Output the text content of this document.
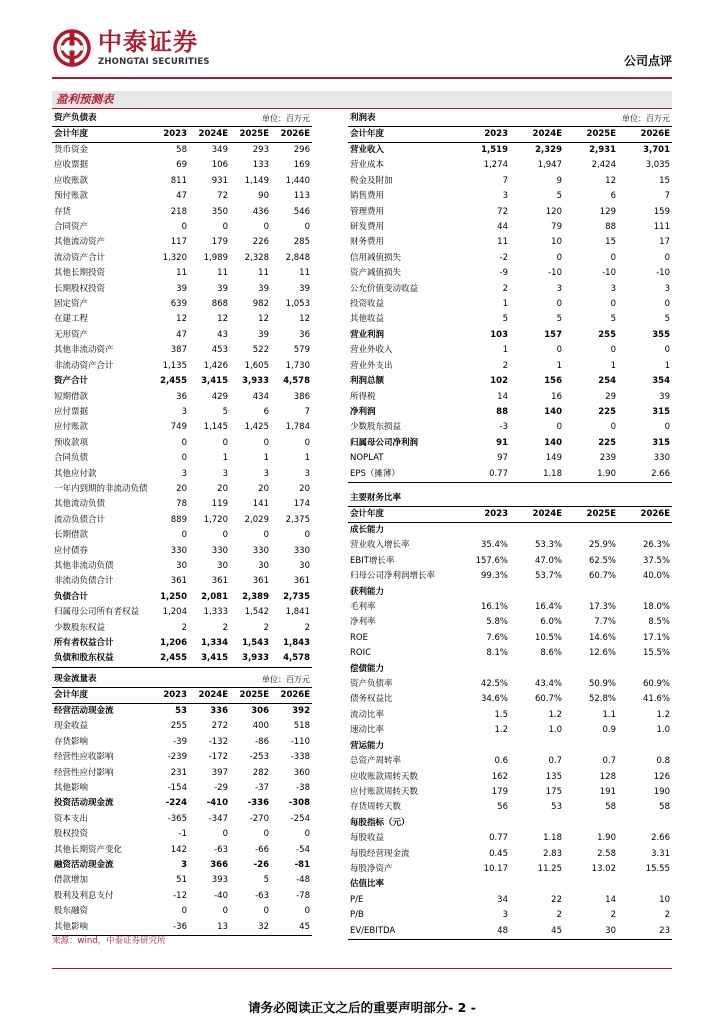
中泰证券
ZHONGTAI SECURITIES	公司点评
盈利预测表
资产负债表	单位：百万元			
会计年度	2023	2024E	2025E	2026E
货币资金	58	349	293	296
应收票据	69	106	133	169
应收账款	811	931	1,149	1,440
预付账款	47	72	90	113
存货	218	350	436	546
合同资产	0	0	0	0
其他流动资产	117	179	226	285
流动资产合计	1,320	1,989	2,328	2,848
其他长期投资	11	11	11	11
长期股权投资	39	39	39	39
固定资产	639	868	982	1,053
在建工程	12	12	12	12
无形资产	47	43	39	36
其他非流动资产	387	453	522	579
非流动资产合计	1,135	1,426	1,605	1,730
资产合计	2,455	3,415	3,933	4,578
短期借款	36	429	434	386
应付票据	3	5	6	7
应付账款	749	1,145	1,425	1,784
预收款项	0	0	0	0
合同负债	0	1	1	1
其他应付款	3	3	3	3
一年内到期的非流动负债	20	20	20	20
其他流动负债	78	119	141	174
流动负债合计	889	1,720	2,029	2,375
长期借款	0	0	0	0
应付债券	330	330	330	330
其他非流动负债	30	30	30	30
非流动负债合计	361	361	361	361
负债合计	1,250	2,081	2,389	2,735
归属母公司所有者权益	1,204	1,333	1,542	1,841
少数股东权益	2	2	2	2
所有者权益合计	1,206	1,334	1,543	1,843
负债和股东权益	2,455	3,415	3,933	4,578
现金流量表	单位：百万元			
会计年度	2023	2024E	2025E	2026E
经营活动现金流	53	336	306	392
现金收益	255	272	400	518
存货影响	-39	-132	-86	-110
经营性应收影响	-239	-172	-253	-338
经营性应付影响	231	397	282	360
其他影响	-154	-29	-37	-38
投资活动现金流	-224	-410	-336	-308
资本支出	-365	-347	-270	-254
股权投资	-1	0	0	0
其他长期资产变化	142	-63	-66	-54
融资活动现金流	3	366	-26	-81
借款增加	51	393	5	-48
股利及利息支付	-12	-40	-63	-78
股东融资	0	0	0	0
其他影响	-36	13	32	45
利润表	单位：百万元			
会计年度	2023	2024E	2025E	2026E
营业收入	1,519	2,329	2,931	3,701
营业成本	1,274	1,947	2,424	3,035
税金及附加	7	9	12	15
销售费用	3	5	6	7
管理费用	72	120	129	159
研发费用	44	79	88	111
财务费用	11	10	15	17
信用减值损失	-2	0	0	0
资产减值损失	-9	-10	-10	-10
公允价值变动收益	2	3	3	3
投资收益	1	0	0	0
其他收益	5	5	5	5
营业利润	103	157	255	355
营业外收入	1	0	0	0
营业外支出	2	1	1	1
利润总额	102	156	254	354
所得税	14	16	29	39
净利润	88	140	225	315
少数股东损益	-3	0	0	0
归属母公司净利润	91	140	225	315
NOPLAT	97	149	239	330
EPS（摊薄）	0.77	1.18	1.90	2.66
主要财务比率				
会计年度	2023	2024E	2025E	2026E
成长能力				
营业收入增长率	35.4%	53.3%	25.9%	26.3%
EBIT增长率	157.6%	47.0%	62.5%	37.5%
归母公司净利润增长率	99.3%	53.7%	60.7%	40.0%
获利能力				
毛利率	16.1%	16.4%	17.3%	18.0%
净利率	5.8%	6.0%	7.7%	8.5%
ROE	7.6%	10.5%	14.6%	17.1%
ROIC	8.1%	8.6%	12.6%	15.5%
偿债能力				
资产负债率	42.5%	43.4%	50.9%	60.9%
债务权益比	34.6%	60.7%	52.8%	41.6%
流动比率	1.5	1.2	1.1	1.2
速动比率	1.2	1.0	0.9	1.0
营运能力				
总资产周转率	0.6	0.7	0.7	0.8
应收账款周转天数	162	135	128	126
应付账款周转天数	179	175	191	190
存货周转天数	56	53	58	58
每股指标（元）				
每股收益	0.77	1.18	1.90	2.66
每股经营现金流	0.45	2.83	2.58	3.31
每股净资产	10.17	11.25	13.02	15.55
估值比率				
P/E	34	22	14	10
P/B	3	2	2	2
EV/EBITDA	48	45	30	23
来源：wind，中泰证券研究所
请务必阅读正文之后的重要声明部分- 2 -
